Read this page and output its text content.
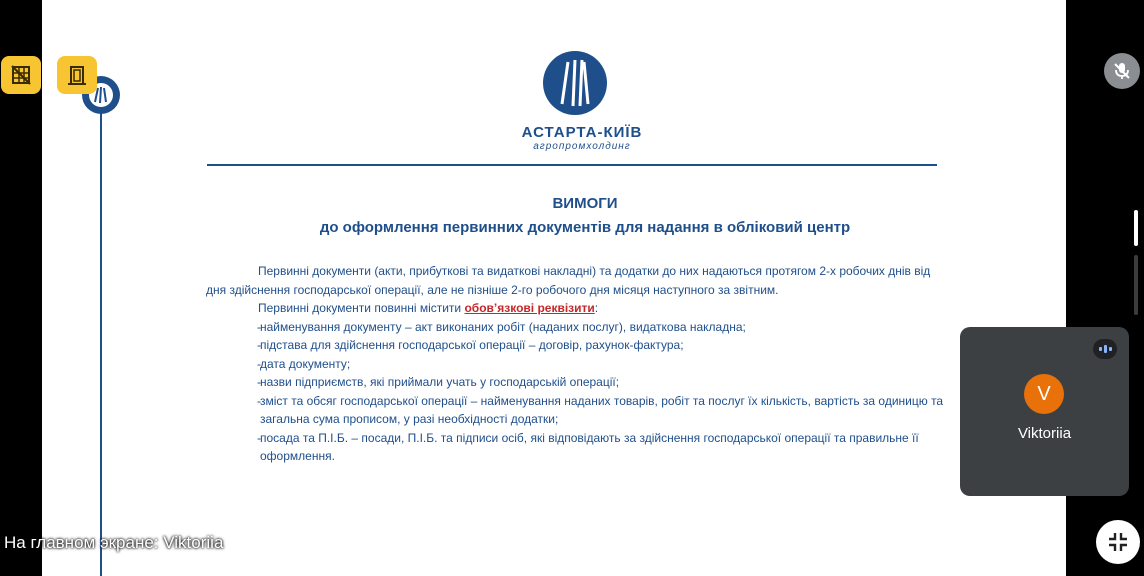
АСТАРТА-КИЇВ
агропромхолдинг
ВИМОГИ
до оформлення первинних документів для надання в обліковий центр

Первинні документи (акти, прибуткові та видаткові накладні) та додатки до них надаються протягом 2-х робочих днів від дня здійснення господарської операції, але не пізніше 2-го робочого дня місяця наступного за звітним.

Первинні документи повинні містити обов’язкові реквізити:

- найменування документу – акт виконаних робіт (наданих послуг), видаткова накладна;
- підстава для здійснення господарської операції – договір, рахунок-фактура;
- дата документу;
- назви підприємств, які приймали учать у господарській операції;
- зміст та обсяг господарської операції – найменування наданих товарів, робіт та послуг їх кількість, вартість за одиницю та загальна сума прописом, у разі необхідності додатки;
- посада та П.І.Б. – посади, П.І.Б. та підписи осіб, які відповідають за здійснення господарської операції та правильне її оформлення.
V
Viktoriia
На главном экране: Viktoriia
